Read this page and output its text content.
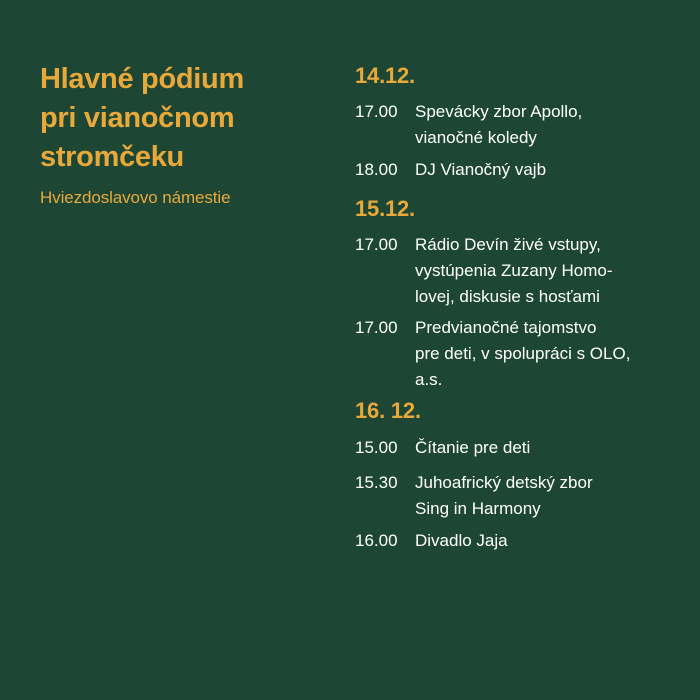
Hlavné pódium
pri vianočnom
stromčeku
Hviezdoslavovo námestie
14.12.
17.00 Spevácky zbor Apollo,
vianočné koledy
18.00 DJ Vianočný vajb
15.12.
17.00 Rádio Devín živé vstupy,
vystúpenia Zuzany Homo-
lovej, diskusie s hosťami
17.00 Predvianočné tajomstvo
pre deti, v spolupráci s OLO,
a.s.
16. 12.
15.00 Čítanie pre deti
15.30 Juhoafrický detský zbor
Sing in Harmony
16.00 Divadlo Jaja
